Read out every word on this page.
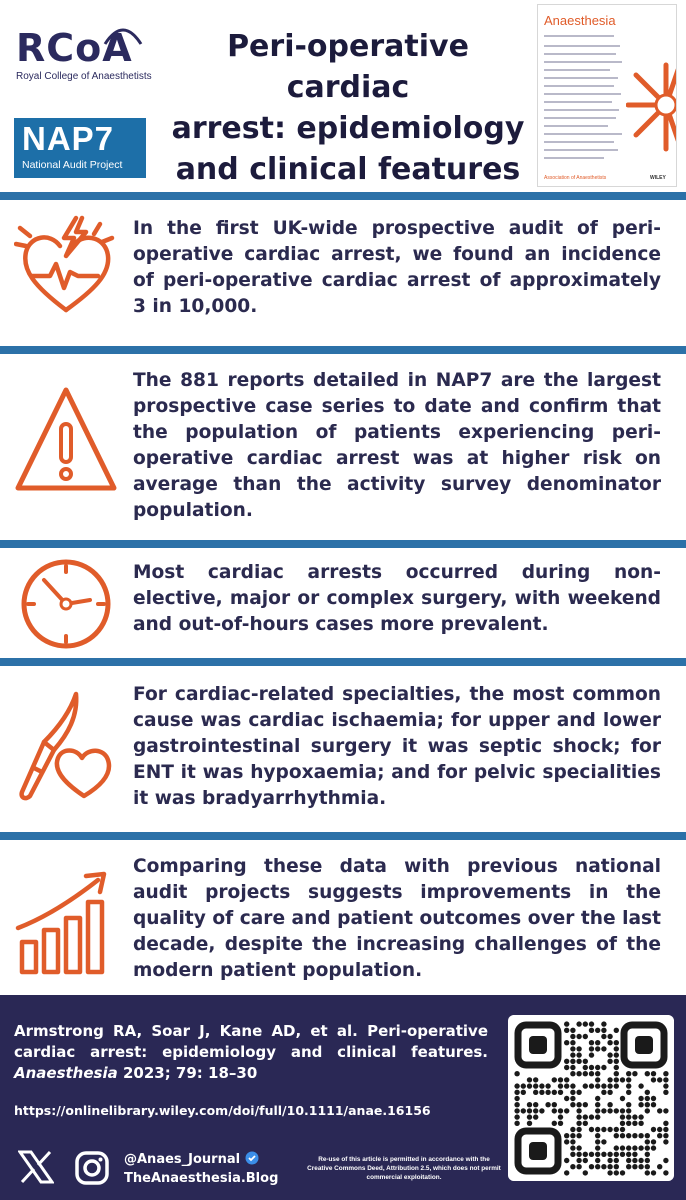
RCoA
Royal College of Anaesthetists
NAP7
National Audit Project
Peri-operative cardiac
arrest: epidemiology
and clinical features
Anaesthesia
Association of Anaesthetists	WILEY
In the first UK-wide prospective audit of peri-operative cardiac arrest, we found an incidence of peri-operative cardiac arrest of approximately 3 in 10,000.
The 881 reports detailed in NAP7 are the largest prospective case series to date and confirm that the population of patients experiencing peri-operative cardiac arrest was at higher risk on average than the activity survey denominator population.
Most cardiac arrests occurred during non-elective, major or complex surgery, with weekend and out-of-hours cases more prevalent.
For cardiac-related specialties, the most common cause was cardiac ischaemia; for upper and lower gastrointestinal surgery it was septic shock; for ENT it was hypoxaemia; and for pelvic specialities it was bradyarrhythmia.
Comparing these data with previous national audit projects suggests improvements in the quality of care and patient outcomes over the last decade, despite the increasing challenges of the modern patient population.
Armstrong RA, Soar J, Kane AD, et al. Peri-operative cardiac arrest: epidemiology and clinical features. Anaesthesia 2023; 79: 18–30
https://onlinelibrary.wiley.com/doi/full/10.1111/anae.16156
@Anaes_Journal
TheAnaesthesia.Blog
Re-use of this article is permitted in accordance with the Creative Commons Deed, Attribution 2.5, which does not permit commercial exploitation.
